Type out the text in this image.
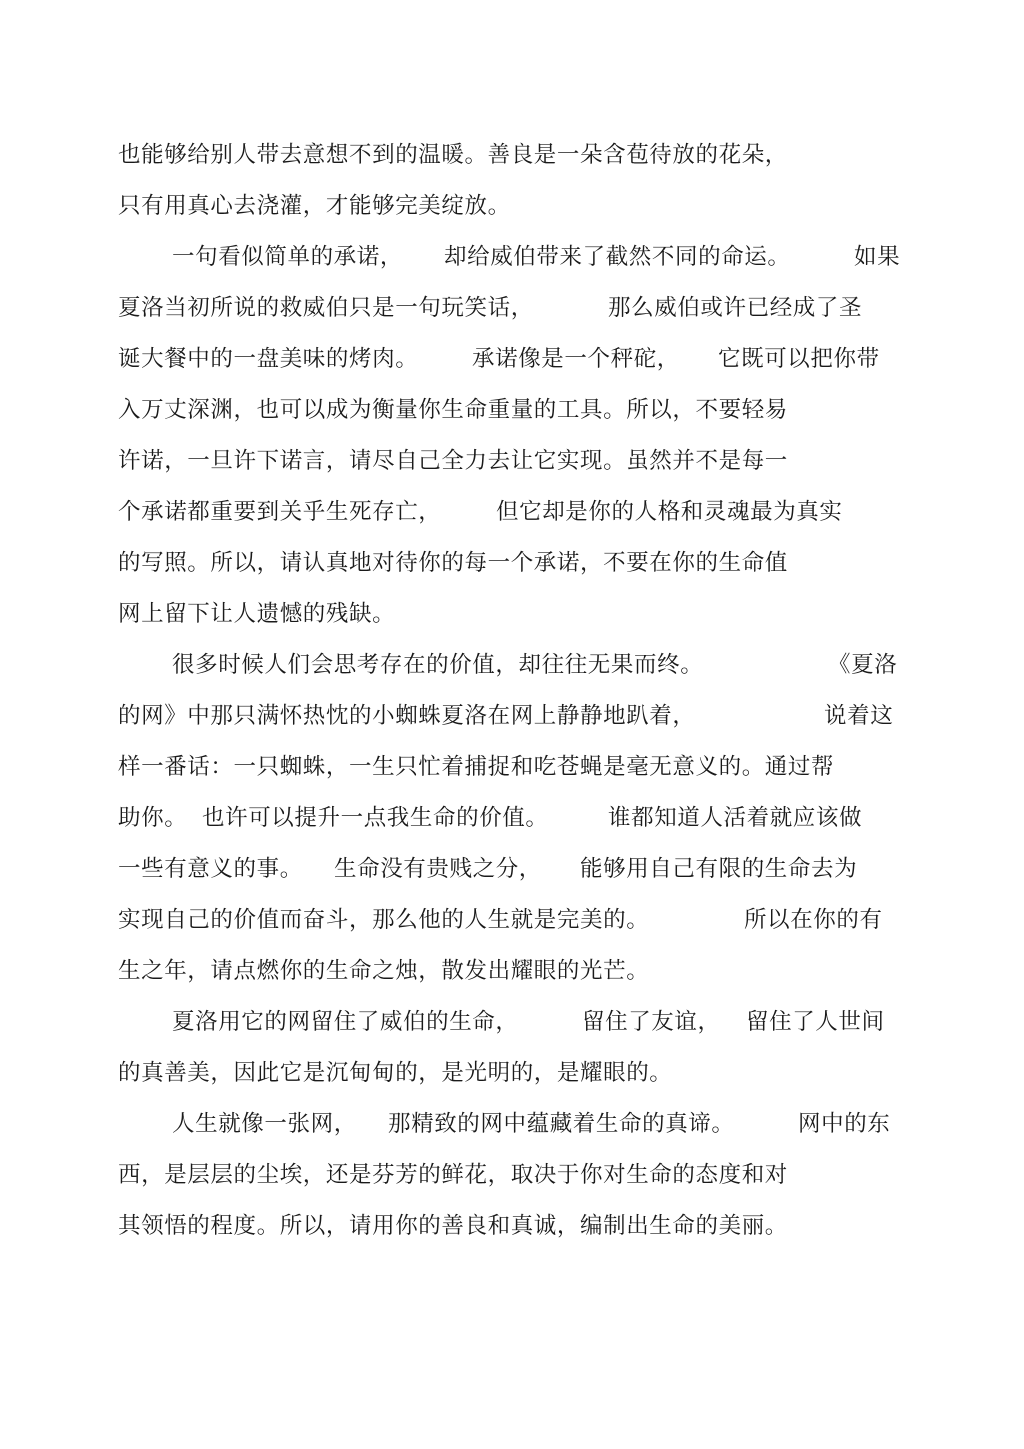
也能够给别人带去意想不到的温暖。善良是一朵含苞待放的花朵，
只有用真心去浇灌，才能够完美绽放。
一句看似简单的承诺， 却给威伯带来了截然不同的命运。	如果
夏洛当初所说的救威伯只是一句玩笑话，	那么威伯或许已经成了圣
诞大餐中的一盘美味的烤肉。 承诺像是一个秤砣， 它既可以把你带
入万丈深渊，也可以成为衡量你生命重量的工具。所以，不要轻易
许诺，一旦许下诺言，请尽自己全力去让它实现。虽然并不是每一
个承诺都重要到关乎生死存亡， 但它却是你的人格和灵魂最为真实
的写照。所以，请认真地对待你的每一个承诺，不要在你的生命值
网上留下让人遗憾的残缺。
很多时候人们会思考存在的价值，却往往无果而终。	《夏洛
的网》中那只满怀热忱的小蜘蛛夏洛在网上静静地趴着，	说着这
样一番话：一只蜘蛛，一生只忙着捕捉和吃苍蝇是毫无意义的。通过帮
助你。 也许可以提升一点我生命的价值。	谁都知道人活着就应该做
一些有意义的事。 生命没有贵贱之分， 能够用自己有限的生命去为
实现自己的价值而奋斗，那么他的人生就是完美的。	所以在你的有
生之年，请点燃你的生命之烛，散发出耀眼的光芒。
夏洛用它的网留住了威伯的生命，	留住了友谊， 留住了人世间
的真善美，因此它是沉甸甸的，是光明的，是耀眼的。
人生就像一张网， 那精致的网中蕴藏着生命的真谛。	网中的东
西，是层层的尘埃，还是芬芳的鲜花，取决于你对生命的态度和对
其领悟的程度。所以，请用你的善良和真诚，编制出生命的美丽。
